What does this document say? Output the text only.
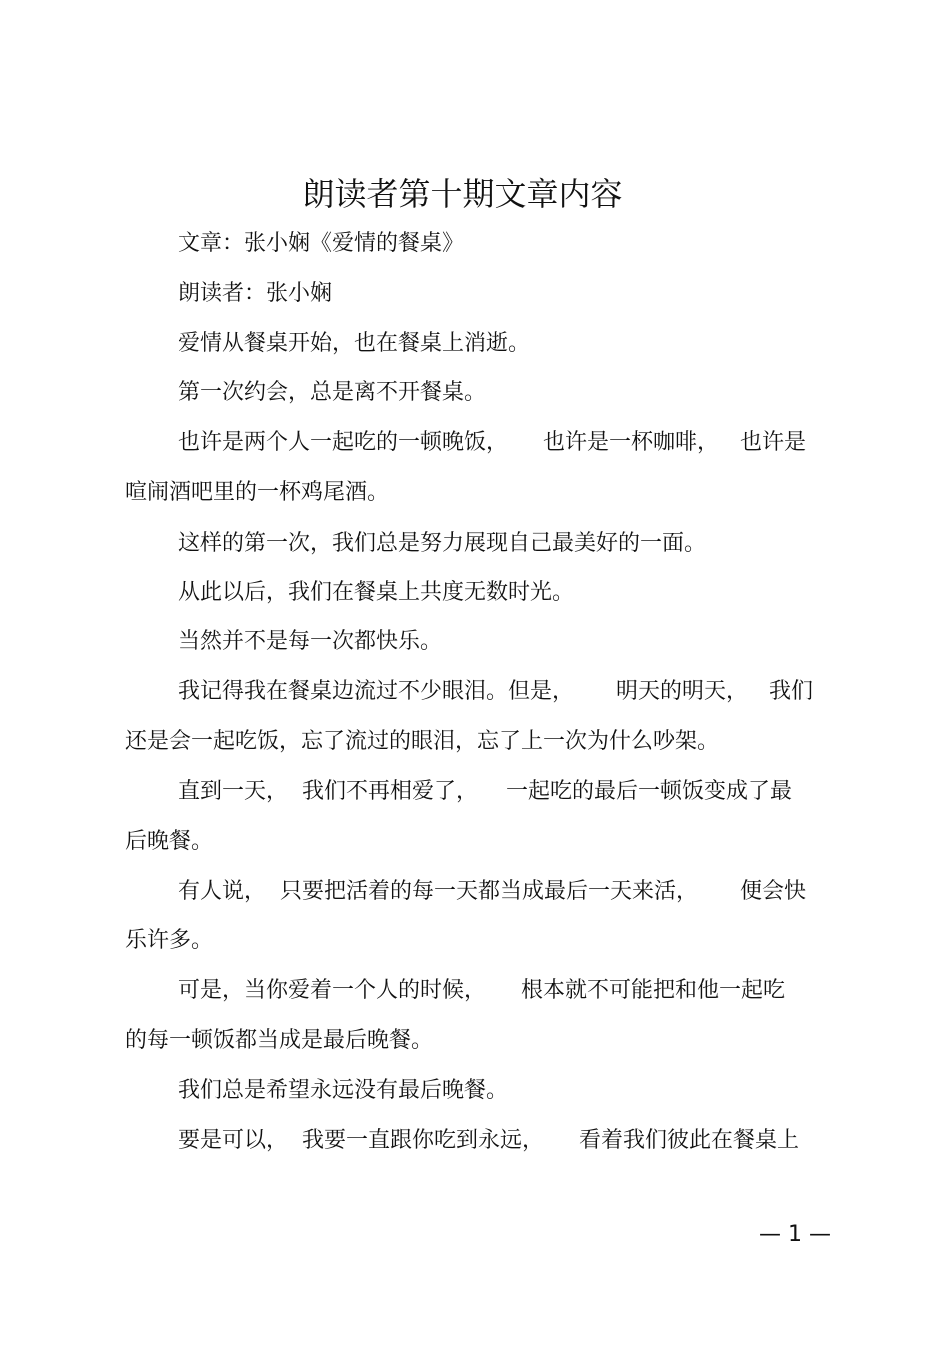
朗读者第十期文章内容
文章：张小娴《爱情的餐桌》
朗读者：张小娴
爱情从餐桌开始，也在餐桌上消逝。
第一次约会，总是离不开餐桌。
也许是两个人一起吃的一顿晚饭，     也许是一杯咖啡，   也许是
喧闹酒吧里的一杯鸡尾酒。
这样的第一次，我们总是努力展现自己最美好的一面。
从此以后，我们在餐桌上共度无数时光。
当然并不是每一次都快乐。
我记得我在餐桌边流过不少眼泪。但是，      明天的明天，   我们
还是会一起吃饭，忘了流过的眼泪，忘了上一次为什么吵架。
直到一天，  我们不再相爱了，    一起吃的最后一顿饭变成了最
后晚餐。
有人说，  只要把活着的每一天都当成最后一天来活，      便会快
乐许多。
可是，当你爱着一个人的时候，     根本就不可能把和他一起吃
的每一顿饭都当成是最后晚餐。
我们总是希望永远没有最后晚餐。
要是可以，  我要一直跟你吃到永远，     看着我们彼此在餐桌上
— 1 —
